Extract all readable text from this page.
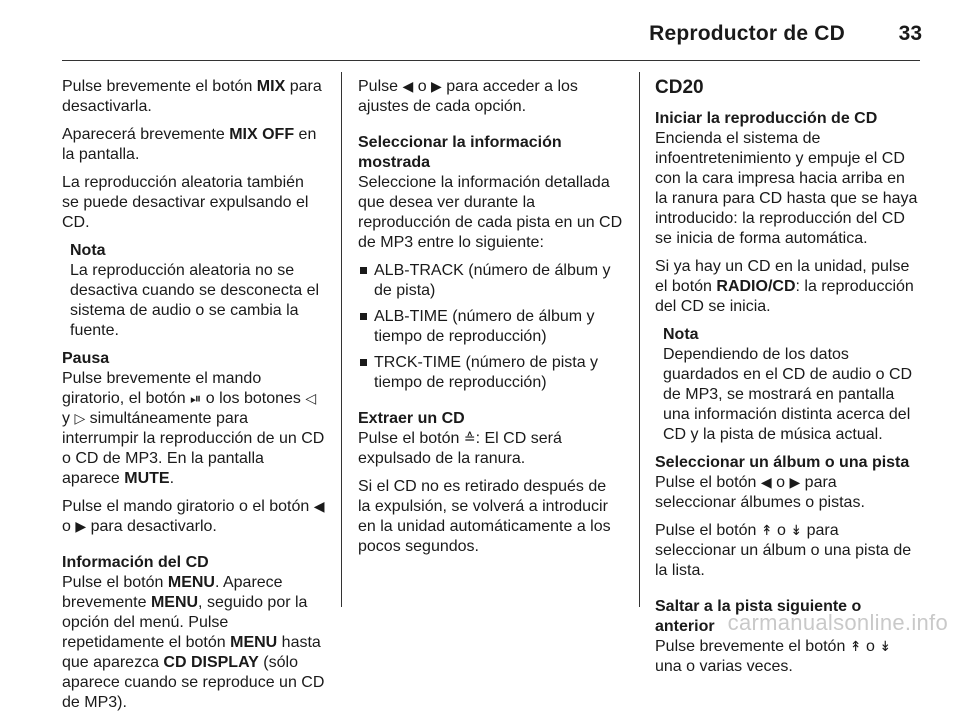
Reproductor de CD	33

Pulse brevemente el botón MIX para desactivarla.

Aparecerá brevemente MIX OFF en la pantalla.

La reproducción aleatoria también se puede desactivar expulsando el CD.

Nota
La reproducción aleatoria no se desactiva cuando se desconecta el sistema de audio o se cambia la fuente.

Pausa
Pulse brevemente el mando giratorio, el botón ⏯ o los botones ◁ y ▷ simultáneamente para interrumpir la reproducción de un CD o CD de MP3. En la pantalla aparece MUTE.

Pulse el mando giratorio o el botón ◀ o ▶ para desactivarlo.

Información del CD
Pulse el botón MENU. Aparece brevemente MENU, seguido por la opción del menú. Pulse repetidamente el botón MENU hasta que aparezca CD DISPLAY (sólo aparece cuando se reproduce un CD de MP3).

Pulse ◀ o ▶ para acceder a los ajustes de cada opción.

Seleccionar la información mostrada
Seleccione la información detallada que desea ver durante la reproducción de cada pista en un CD de MP3 entre lo siguiente:

ALB-TRACK (número de álbum y de pista)
ALB-TIME (número de álbum y tiempo de reproducción)
TRCK-TIME (número de pista y tiempo de reproducción)

Extraer un CD
Pulse el botón ≙: El CD será expulsado de la ranura.

Si el CD no es retirado después de la expulsión, se volverá a introducir en la unidad automáticamente a los pocos segundos.

CD20

Iniciar la reproducción de CD
Encienda el sistema de infoentretenimiento y empuje el CD con la cara impresa hacia arriba en la ranura para CD hasta que se haya introducido: la reproducción del CD se inicia de forma automática.

Si ya hay un CD en la unidad, pulse el botón RADIO/CD: la reproducción del CD se inicia.

Nota
Dependiendo de los datos guardados en el CD de audio o CD de MP3, se mostrará en pantalla una información distinta acerca del CD y la pista de música actual.

Seleccionar un álbum o una pista
Pulse el botón ◀ o ▶ para seleccionar álbumes o pistas.

Pulse el botón ↟ o ↡ para seleccionar un álbum o una pista de la lista.

Saltar a la pista siguiente o anterior
Pulse brevemente el botón ↟ o ↡ una o varias veces.

carmanualsonline.info
